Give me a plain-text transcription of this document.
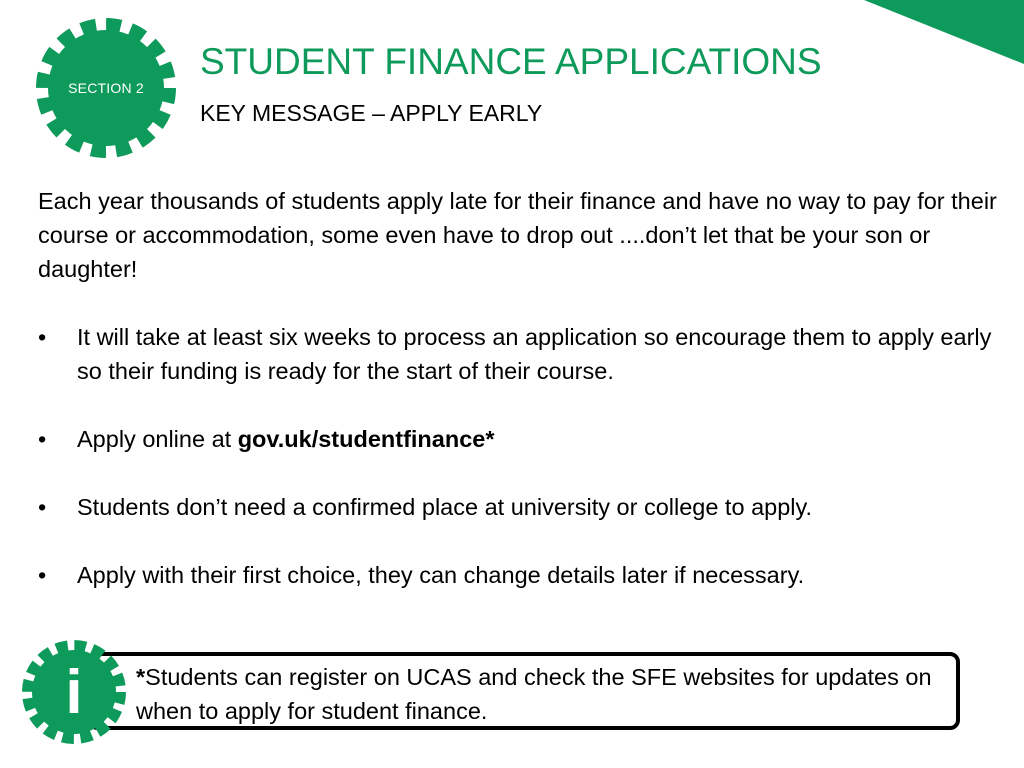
SECTION 2
STUDENT FINANCE APPLICATIONS
KEY MESSAGE – APPLY EARLY

Each year thousands of students apply late for their finance and have no way to pay for their course or accommodation, some even have to drop out ....don’t let that be your son or daughter!

• It will take at least six weeks to process an application so encourage them to apply early so their funding is ready for the start of their course.
• Apply online at gov.uk/studentfinance*
• Students don’t need a confirmed place at university or college to apply.
• Apply with their first choice, they can change details later if necessary.

*Students can register on UCAS and check the SFE websites for updates on when to apply for student finance.

i
